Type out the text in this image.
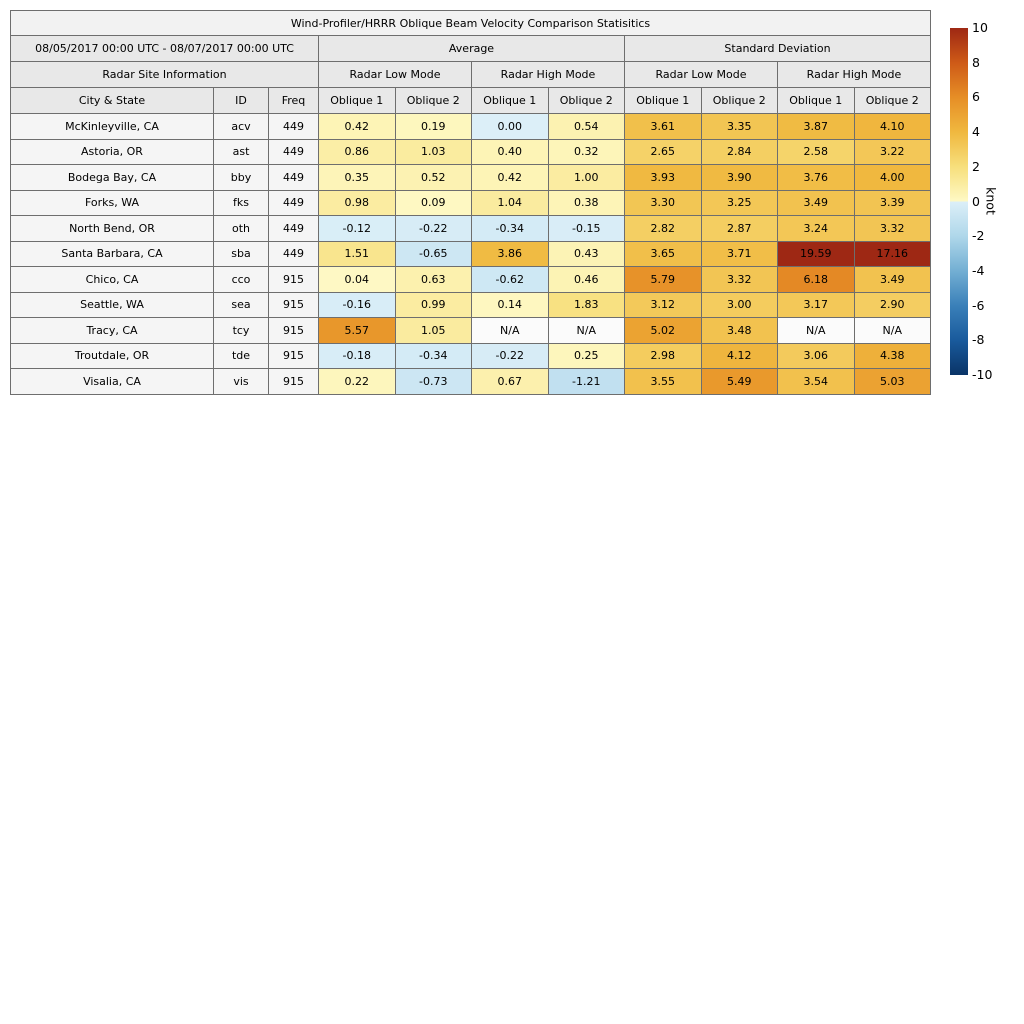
Wind-Profiler/HRRR Oblique Beam Velocity Comparison Statisitics										
08/05/2017 00:00 UTC - 08/07/2017 00:00 UTC			Average				Standard Deviation			
Radar Site Information			Radar Low Mode		Radar High Mode		Radar Low Mode		Radar High Mode	
City & State	ID	Freq	Oblique 1	Oblique 2	Oblique 1	Oblique 2	Oblique 1	Oblique 2	Oblique 1	Oblique 2
McKinleyville, CA	acv	449	0.42	0.19	0.00	0.54	3.61	3.35	3.87	4.10
Astoria, OR	ast	449	0.86	1.03	0.40	0.32	2.65	2.84	2.58	3.22
Bodega Bay, CA	bby	449	0.35	0.52	0.42	1.00	3.93	3.90	3.76	4.00
Forks, WA	fks	449	0.98	0.09	1.04	0.38	3.30	3.25	3.49	3.39
North Bend, OR	oth	449	-0.12	-0.22	-0.34	-0.15	2.82	2.87	3.24	3.32
Santa Barbara, CA	sba	449	1.51	-0.65	3.86	0.43	3.65	3.71	19.59	17.16
Chico, CA	cco	915	0.04	0.63	-0.62	0.46	5.79	3.32	6.18	3.49
Seattle, WA	sea	915	-0.16	0.99	0.14	1.83	3.12	3.00	3.17	2.90
Tracy, CA	tcy	915	5.57	1.05	N/A	N/A	5.02	3.48	N/A	N/A
Troutdale, OR	tde	915	-0.18	-0.34	-0.22	0.25	2.98	4.12	3.06	4.38
Visalia, CA	vis	915	0.22	-0.73	0.67	-1.21	3.55	5.49	3.54	5.03
10
8
6
4
2
0
-2
-4
-6
-8
-10
knot
